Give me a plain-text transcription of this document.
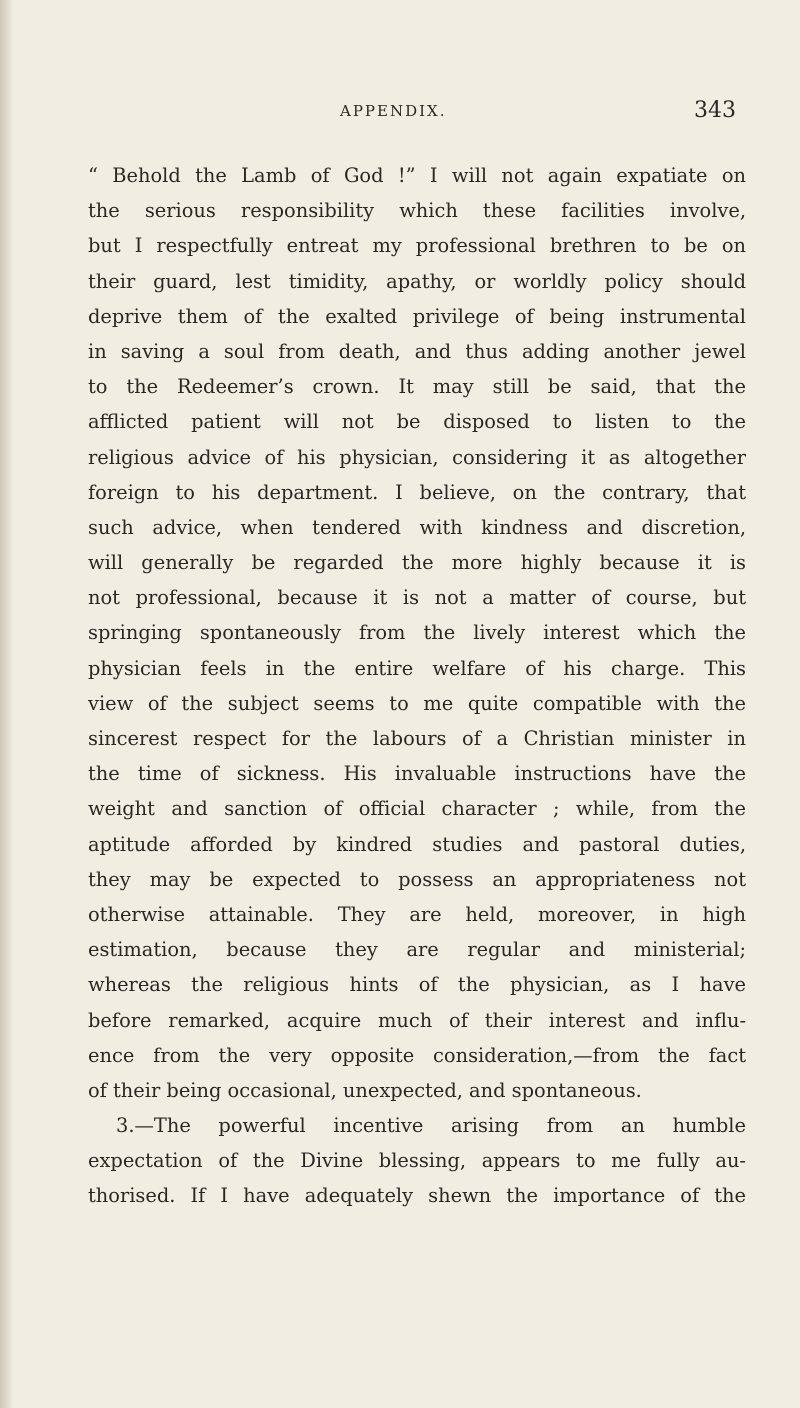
APPENDIX.	343
“ Behold the Lamb of God !” I will not again expatiate on
the serious responsibility which these facilities involve,
but I respectfully entreat my professional brethren to be on
their guard, lest timidity, apathy, or worldly policy should
deprive them of the exalted privilege of being instrumental
in saving a soul from death, and thus adding another jewel
to the Redeemer’s crown. It may still be said, that the
afflicted patient will not be disposed to listen to the
religious advice of his physician, considering it as altogether
foreign to his department. I believe, on the contrary, that
such advice, when tendered with kindness and discretion,
will generally be regarded the more highly because it is
not professional, because it is not a matter of course, but
springing spontaneously from the lively interest which the
physician feels in the entire welfare of his charge. This
view of the subject seems to me quite compatible with the
sincerest respect for the labours of a Christian minister in
the time of sickness. His invaluable instructions have the
weight and sanction of official character ; while, from the
aptitude afforded by kindred studies and pastoral duties,
they may be expected to possess an appropriateness not
otherwise attainable. They are held, moreover, in high
estimation, because they are regular and ministerial;
whereas the religious hints of the physician, as I have
before remarked, acquire much of their interest and influ-
ence from the very opposite consideration,—from the fact
of their being occasional, unexpected, and spontaneous.
3.—The powerful incentive arising from an humble
expectation of the Divine blessing, appears to me fully au-
thorised. If I have adequately shewn the importance of the
